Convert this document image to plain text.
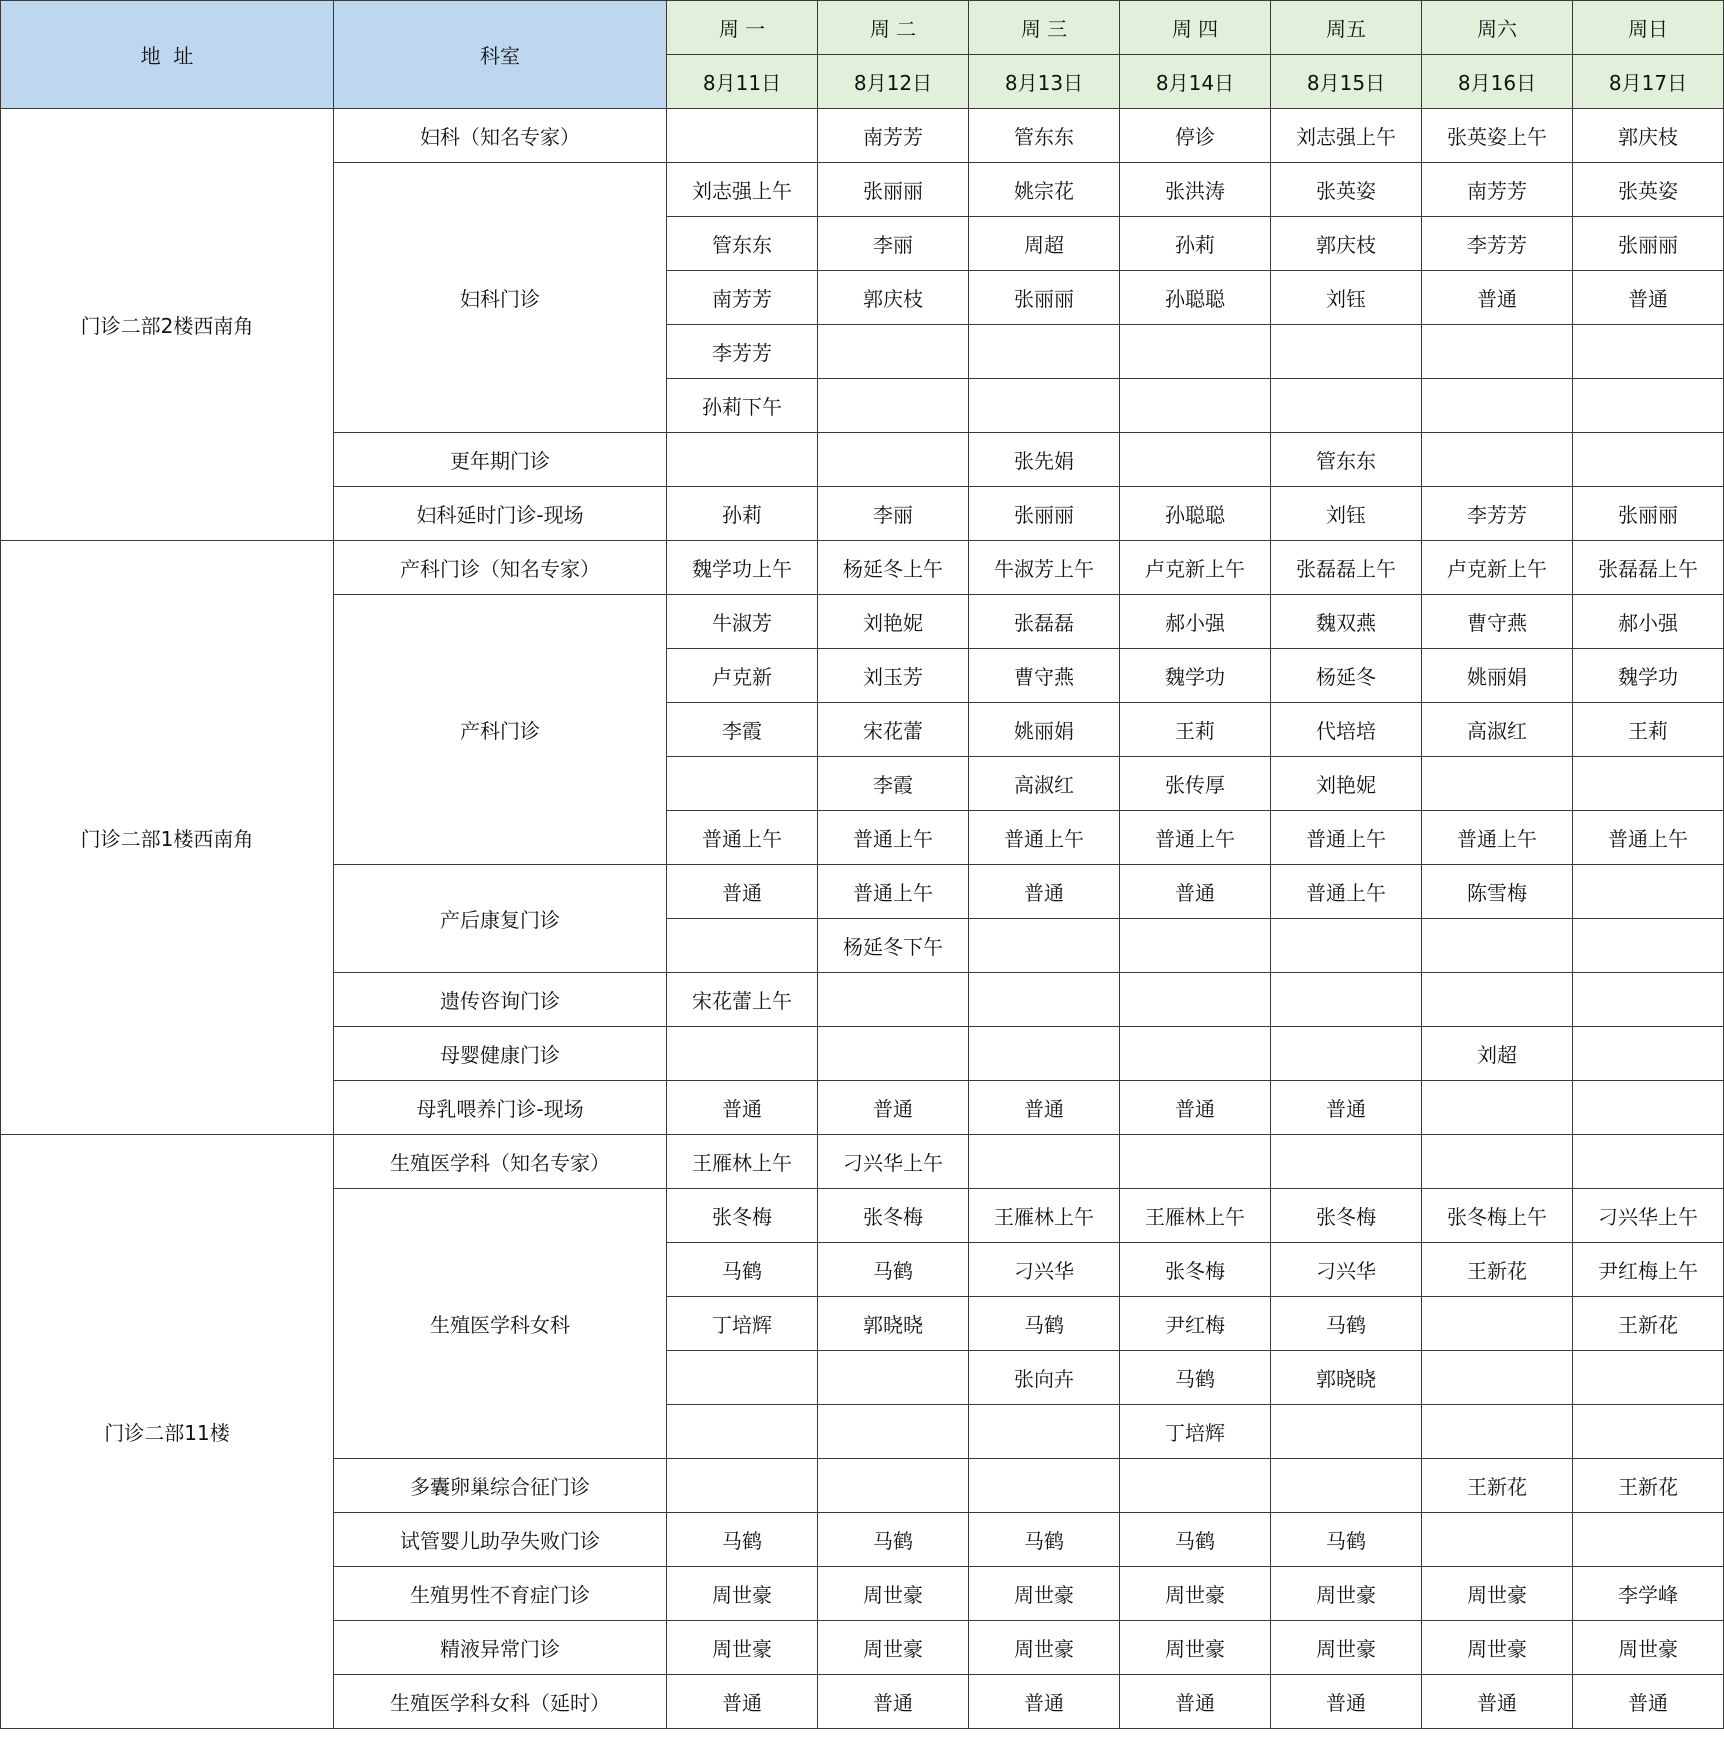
地  址	科室	周 一	周 二	周 三	周 四	周五	周六	周日
		8月11日	8月12日	8月13日	8月14日	8月15日	8月16日	8月17日
门诊二部2楼西南角	妇科（知名专家）		南芳芳	管东东	停诊	刘志强上午	张英姿上午	郭庆枝
	妇科门诊	刘志强上午	张丽丽	姚宗花	张洪涛	张英姿	南芳芳	张英姿
		管东东	李丽	周超	孙莉	郭庆枝	李芳芳	张丽丽
		南芳芳	郭庆枝	张丽丽	孙聪聪	刘钰	普通	普通
		李芳芳						
		孙莉下午						
	更年期门诊			张先娟		管东东		
	妇科延时门诊-现场	孙莉	李丽	张丽丽	孙聪聪	刘钰	李芳芳	张丽丽
门诊二部1楼西南角	产科门诊（知名专家）	魏学功上午	杨延冬上午	牛淑芳上午	卢克新上午	张磊磊上午	卢克新上午	张磊磊上午
	产科门诊	牛淑芳	刘艳妮	张磊磊	郝小强	魏双燕	曹守燕	郝小强
		卢克新	刘玉芳	曹守燕	魏学功	杨延冬	姚丽娟	魏学功
		李霞	宋花蕾	姚丽娟	王莉	代培培	高淑红	王莉
			李霞	高淑红	张传厚	刘艳妮		
		普通上午	普通上午	普通上午	普通上午	普通上午	普通上午	普通上午
	产后康复门诊	普通	普通上午	普通	普通	普通上午	陈雪梅	
			杨延冬下午					
	遗传咨询门诊	宋花蕾上午						
	母婴健康门诊						刘超	
	母乳喂养门诊-现场	普通	普通	普通	普通	普通		
门诊二部11楼	生殖医学科（知名专家）	王雁林上午	刁兴华上午					
	生殖医学科女科	张冬梅	张冬梅	王雁林上午	王雁林上午	张冬梅	张冬梅上午	刁兴华上午
		马鹤	马鹤	刁兴华	张冬梅	刁兴华	王新花	尹红梅上午
		丁培辉	郭晓晓	马鹤	尹红梅	马鹤		王新花
				张向卉	马鹤	郭晓晓		
					丁培辉			
	多囊卵巢综合征门诊						王新花	王新花
	试管婴儿助孕失败门诊	马鹤	马鹤	马鹤	马鹤	马鹤		
	生殖男性不育症门诊	周世豪	周世豪	周世豪	周世豪	周世豪	周世豪	李学峰
	精液异常门诊	周世豪	周世豪	周世豪	周世豪	周世豪	周世豪	周世豪
	生殖医学科女科（延时）	普通	普通	普通	普通	普通	普通	普通
